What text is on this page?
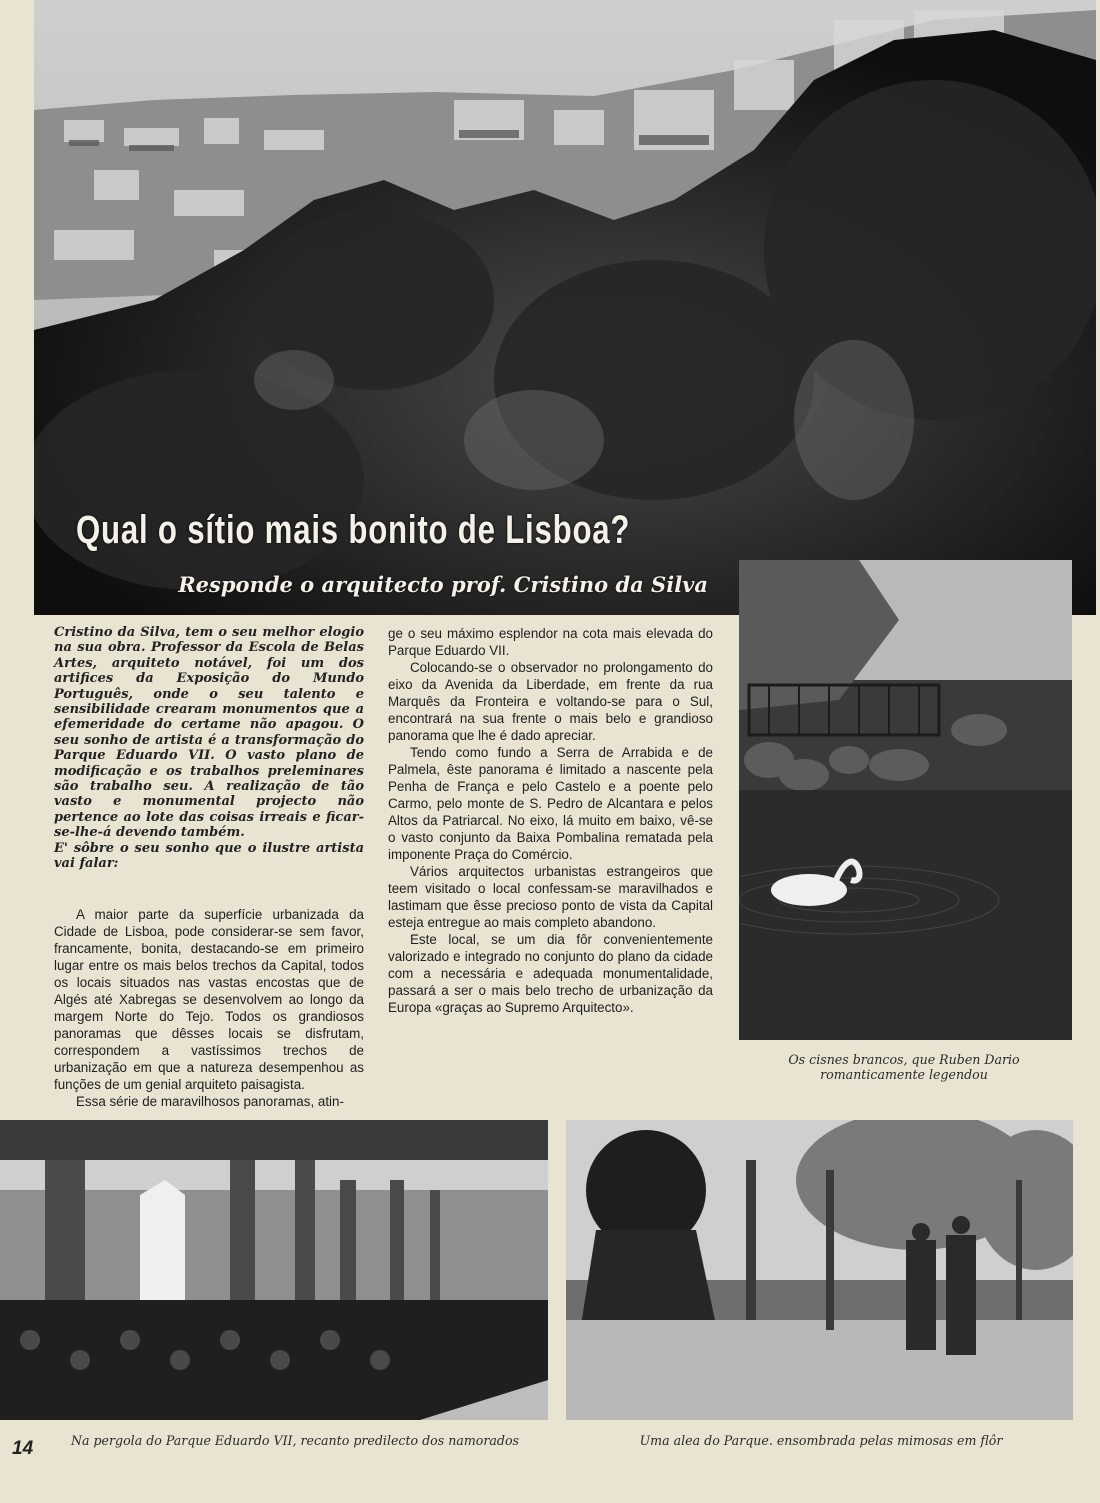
Qual o sítio mais bonito de Lisboa?
Responde o arquitecto prof. Cristino da Silva

Cristino da Silva, tem o seu melhor elogio na sua obra. Professor da Escola de Belas Artes, arquiteto notável, foi um dos artifices da Exposição do Mundo Português, onde o seu talento e sensibilidade crearam monumentos que a efemeridade do certame não apagou. O seu sonho de artista é a transformação do Parque Eduardo VII. O vasto plano de modificação e os trabalhos preleminares são trabalho seu. A realização de tão vasto e monumental projecto não pertence ao lote das coisas irreais e ficar-se-lhe-á devendo também.

E' sôbre o seu sonho que o ilustre artista vai falar:

A maior parte da superfície urbanizada da Cidade de Lisboa, pode considerar-se sem favor, francamente, bonita, destacando-se em primeiro lugar entre os mais belos trechos da Capital, todos os locais situados nas vastas encostas que de Algés até Xabregas se desenvolvem ao longo da margem Norte do Tejo. Todos os grandiosos panoramas que dêsses locais se disfrutam, correspondem a vastíssimos trechos de urbanização em que a natureza desempenhou as funções de um genial arquiteto paisagista.

Essa série de maravilhosos panoramas, atin-

ge o seu máximo esplendor na cota mais elevada do Parque Eduardo VII.

Colocando-se o observador no prolongamento do eixo da Avenida da Liberdade, em frente da rua Marquês da Fronteira e voltando-se para o Sul, encontrará na sua frente o mais belo e grandioso panorama que lhe é dado apreciar.

Tendo como fundo a Serra de Arrabida e de Palmela, êste panorama é limitado a nascente pela Penha de França e pelo Castelo e a poente pelo Carmo, pelo monte de S. Pedro de Alcantara e pelos Altos da Patriarcal. No eixo, lá muito em baixo, vê-se o vasto conjunto da Baixa Pombalina rematada pela imponente Praça do Comércio.

Vários arquitectos urbanistas estrangeiros que teem visitado o local confessam-se maravilhados e lastimam que êsse precioso ponto de vista da Capital esteja entregue ao mais completo abandono.

Este local, se um dia fôr convenientemente valorizado e integrado no conjunto do plano da cidade com a necessária e adequada monumentalidade, passará a ser o mais belo trecho de urbanização da Europa «graças ao Supremo Arquitecto».

Os cisnes brancos, que Ruben Dario romanticamente legendou
Na pergola do Parque Eduardo VII, recanto predilecto dos namorados	Uma alea do Parque. ensombrada pelas mimosas em flôr
14
